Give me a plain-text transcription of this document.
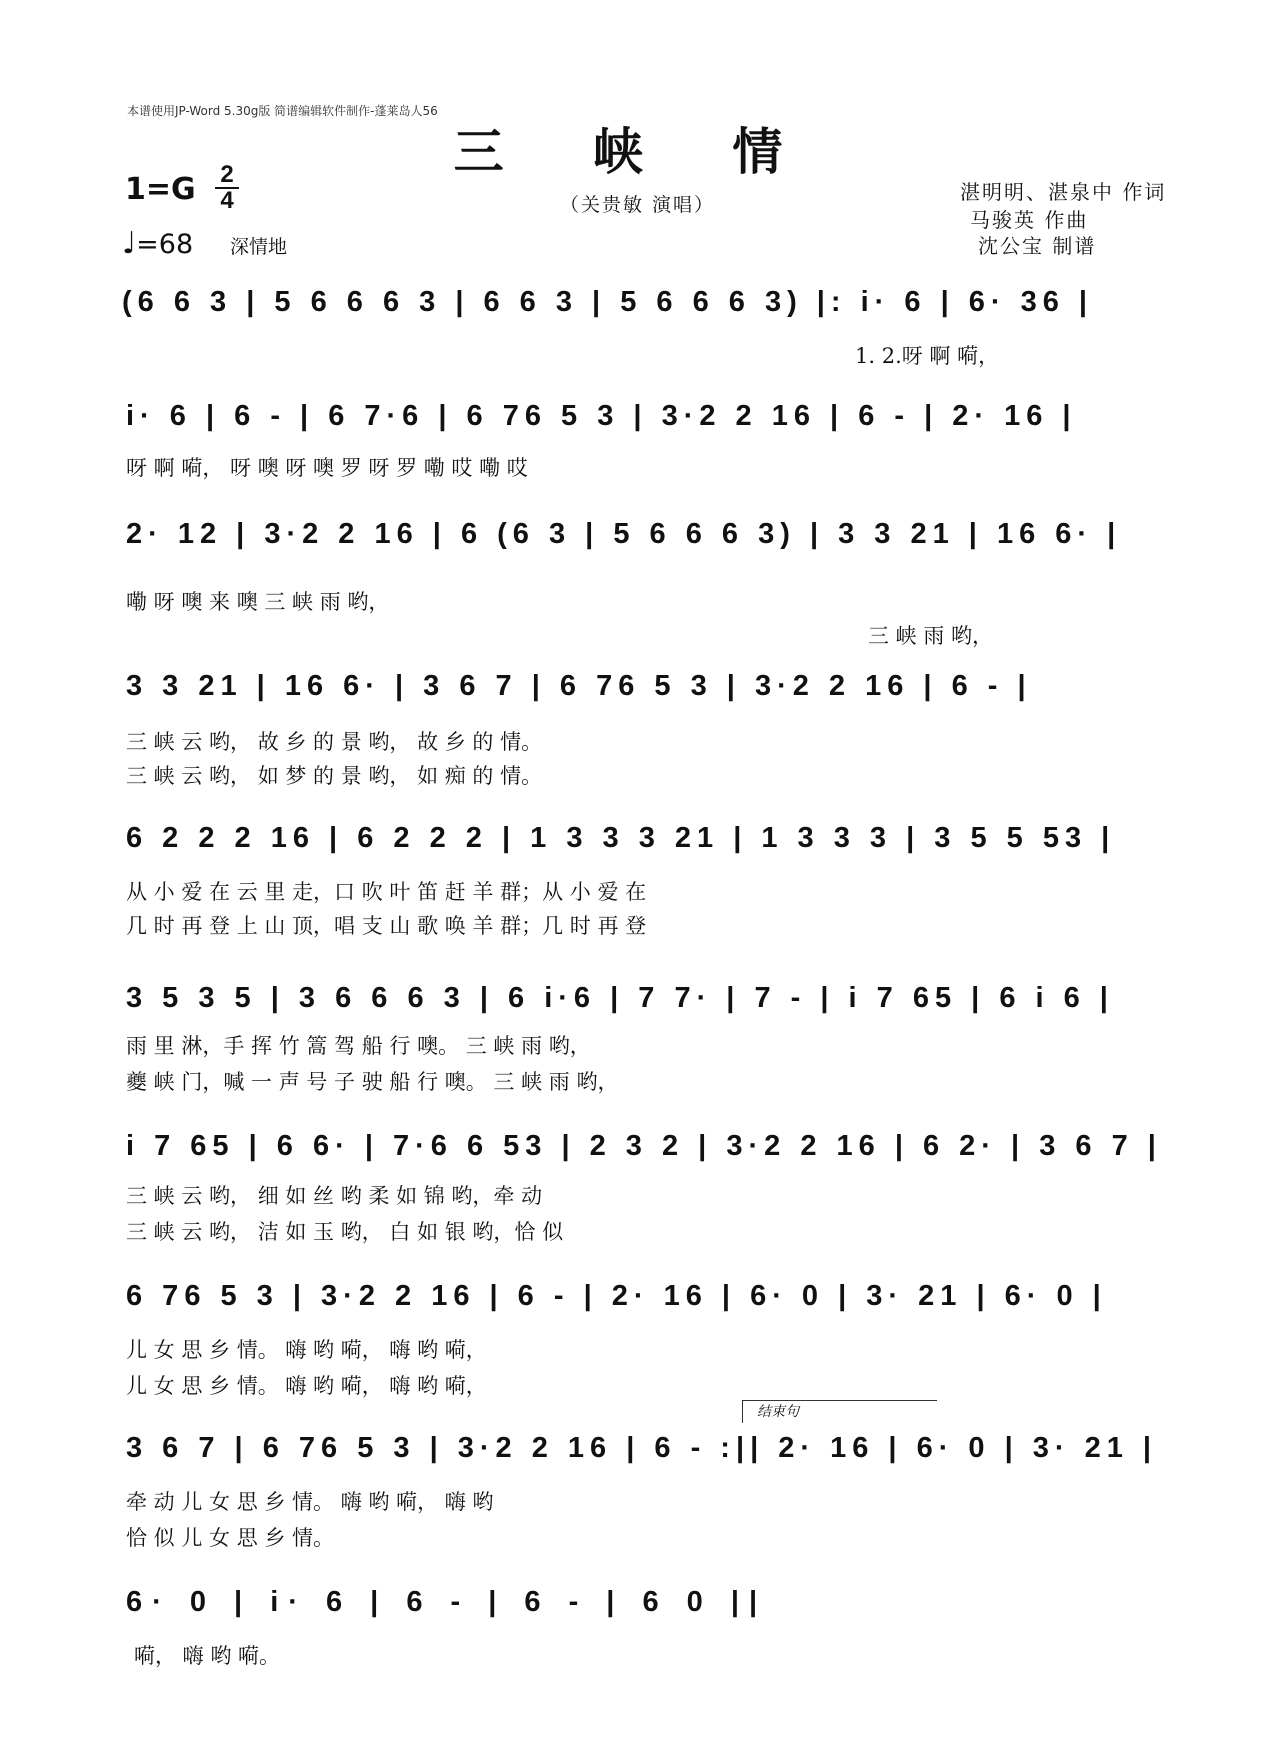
本谱使用JP-Word 5.30g版 简谱编辑软件制作-蓬莱岛人56
三 峡 情
1=G 2
4
♩=68 深情地
（关贵敏 演唱）
湛明明、湛泉中 作词
马骏英 作曲
沈公宝 制谱
(6 6 3 | 5 6 6 6 3 | 6 6 3 | 5 6 6 6 3) |: i· 6 | 6· 36 |
1. 2.呀 啊 嗬，
i· 6 | 6 - | 6 7·6 | 6 76 5 3 | 3·2 2 16 | 6 - | 2· 16 |
呀 啊 嗬， 呀 噢 呀 噢 罗 呀 罗 嘞 哎 嘞 哎
2· 12 | 3·2 2 16 | 6 (6 3 | 5 6 6 6 3) | 3 3 21 | 16 6· |
嘞 呀 噢 来 噢 三 峡 雨 哟，
三 峡 雨 哟，
3 3 21 | 16 6· | 3 6 7 | 6 76 5 3 | 3·2 2 16 | 6 - |
三 峡 云 哟， 故 乡 的 景 哟， 故 乡 的 情。
三 峡 云 哟， 如 梦 的 景 哟， 如 痴 的 情。
6 2 2 2 16 | 6 2 2 2 | 1 3 3 3 21 | 1 3 3 3 | 3 5 5 53 |
从 小 爱 在 云 里 走，口 吹 叶 笛 赶 羊 群；从 小 爱 在
几 时 再 登 上 山 顶，唱 支 山 歌 唤 羊 群；几 时 再 登
3 5 3 5 | 3 6 6 6 3 | 6 i·6 | 7 7· | 7 - | i 7 65 | 6 i 6 |
雨 里 淋，手 挥 竹 篙 驾 船 行 噢。 三 峡 雨 哟，
夔 峡 门，喊 一 声 号 子 驶 船 行 噢。 三 峡 雨 哟，
i 7 65 | 6 6· | 7·6 6 53 | 2 3 2 | 3·2 2 16 | 6 2· | 3 6 7 |
三 峡 云 哟， 细 如 丝 哟 柔 如 锦 哟，牵 动
三 峡 云 哟， 洁 如 玉 哟， 白 如 银 哟，恰 似
6 76 5 3 | 3·2 2 16 | 6 - | 2· 16 | 6· 0 | 3· 21 | 6· 0 |
儿 女 思 乡 情。 嗨 哟 嗬， 嗨 哟 嗬，
儿 女 思 乡 情。 嗨 哟 嗬， 嗨 哟 嗬，
结束句
3 6 7 | 6 76 5 3 | 3·2 2 16 | 6 - :|| 2· 16 | 6· 0 | 3· 21 |
牵 动 儿 女 思 乡 情。 嗨 哟 嗬， 嗨 哟
恰 似 儿 女 思 乡 情。
6· 0 | i· 6 | 6 - | 6 - | 6 0 ||
嗬， 嗨 哟 嗬。
